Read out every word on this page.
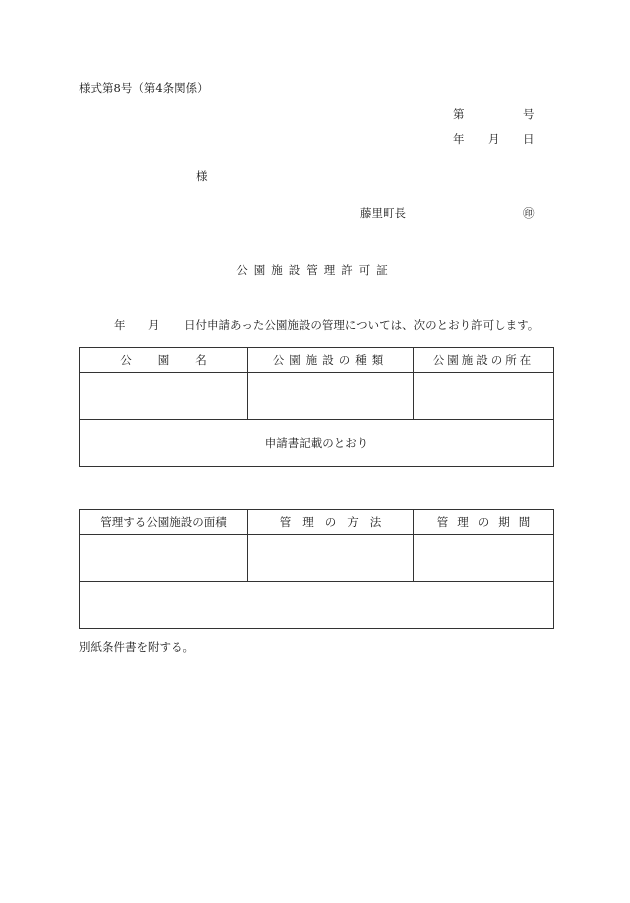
様式第8号（第4条関係）
第	号
年 月 日
様
藤里町長	㊞
公園施設管理許可証
年 月 日付申請あった公園施設の管理については、次のとおり許可します。
公園名	公園施設の種類	公園施設の所在

申請書記載のとおり		
管理する公園施設の面積	管理の方法	管理の期間

別紙条件書を附する。
